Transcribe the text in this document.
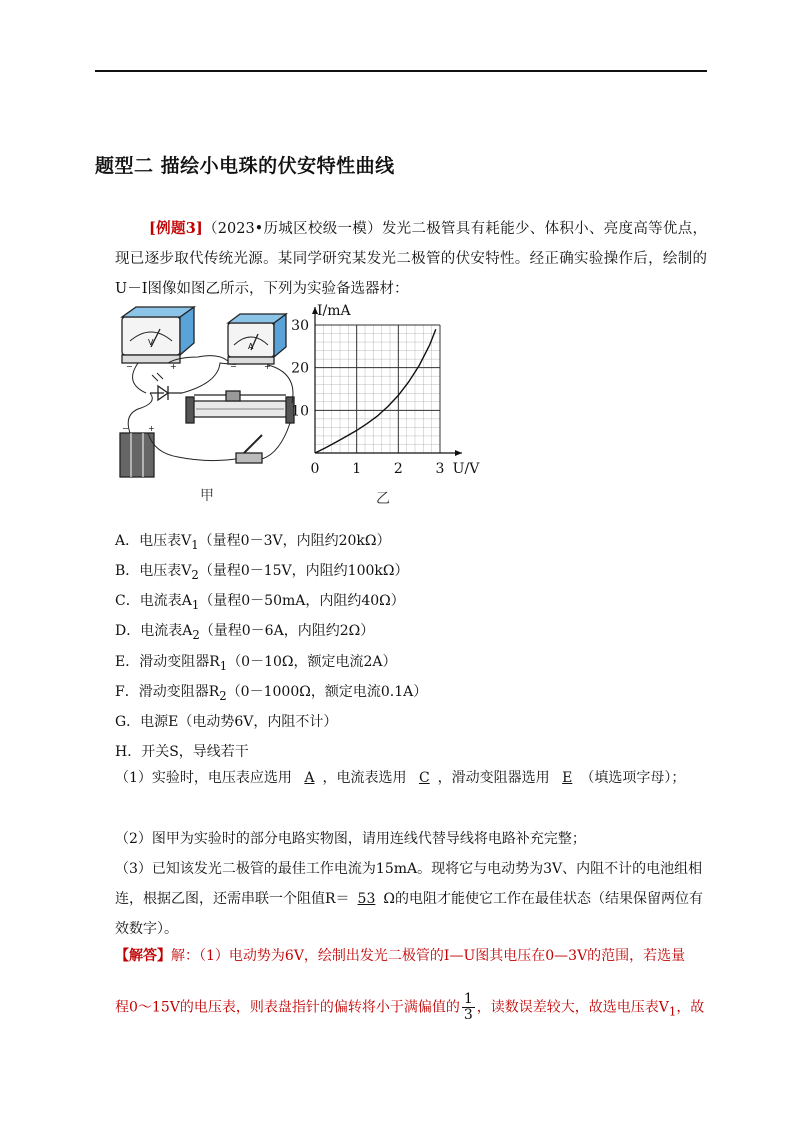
题型二 描绘小电珠的伏安特性曲线
[例题3]（2023•历城区校级一模）发光二极管具有耗能少、体积小、亮度高等优点，现已逐步取代传统光源。某同学研究某发光二极管的伏安特性。经正确实验操作后，绘制的U－I图像如图乙所示，下列为实验备选器材：
V	A
−	+	−	+
− +
甲
0 1 2 3
10
20
30
U/V
I/mA
乙
A．电压表$V_1$（量程0－3V，内阻约20kΩ）
B．电压表$V_2$（量程0－15V，内阻约100kΩ）
C．电流表$A_1$（量程0－50mA，内阻约40Ω）
D．电流表$A_2$（量程0－6A，内阻约2Ω）
E．滑动变阻器$R_1(0-10\Omega$，额定电流2A）
F．滑动变阻器$R_2(0-1000\Omega$，额定电流0.1A）
G．电源E（电动势6V，内阻不计）
H．开关S，导线若干
（1）实验时，电压表应选用 A ，电流表选用 C ，滑动变阻器选用 E （填选项字母）；
（2）图甲为实验时的部分电路实物图，请用连线代替导线将电路补充完整；
（3）已知该发光二极管的最佳工作电流为15mA。现将它与电动势为3V、内阻不计的电池组相连，根据乙图，还需串联一个阻值R＝ 53 Ω的电阻才能使它工作在最佳状态（结果保留两位有效数字）。
【解答】解：（1）电动势为6V，绘制出发光二极管的I—U图其电压在0—3V的范围，若选量
程0～15V的电压表，则表盘指针的偏转将小于满偏值的 $\frac{1}{3}$ ，读数误差较大，故选电压表$V_1$，故
